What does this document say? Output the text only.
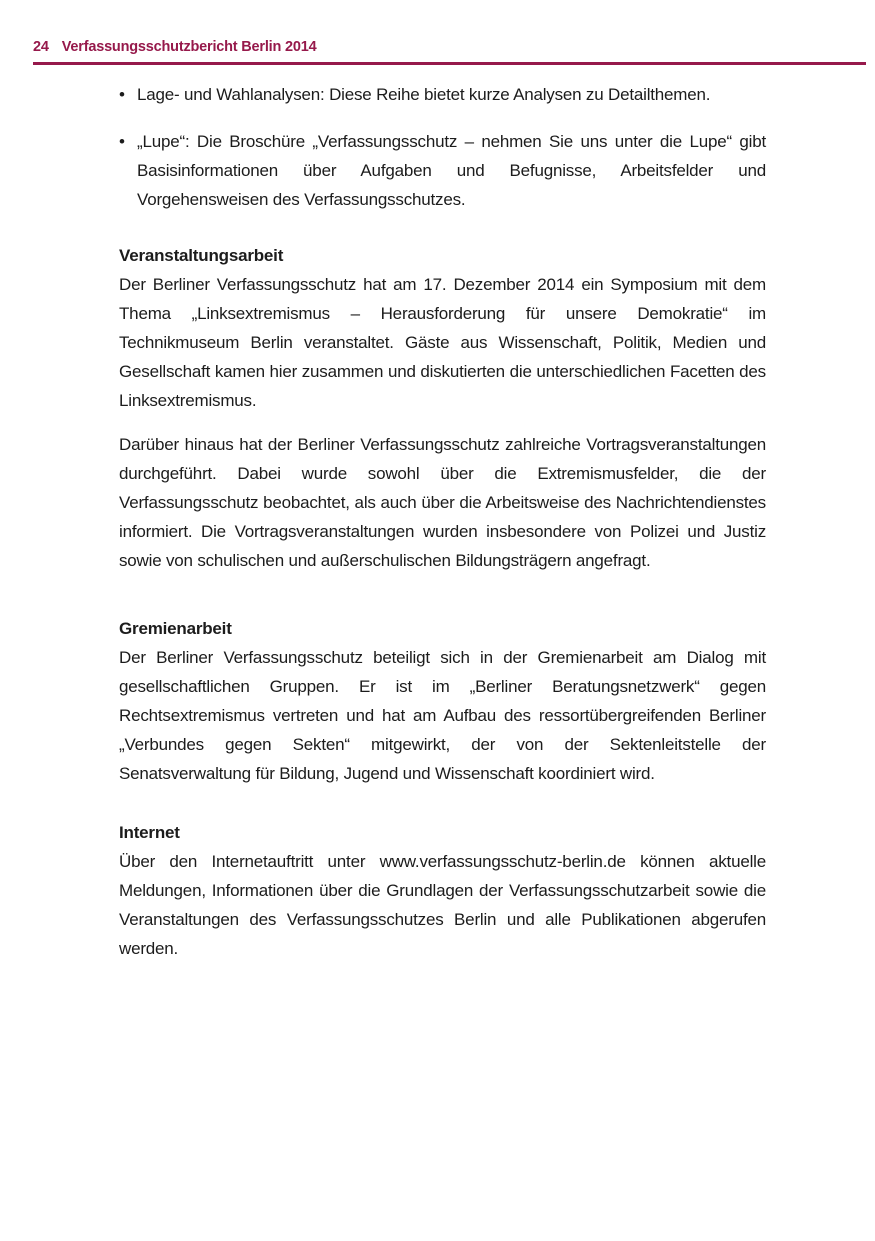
24 Verfassungsschutzbericht Berlin 2014
• Lage- und Wahlanalysen: Diese Reihe bietet kurze Analysen zu Detailthemen.
• „Lupe“: Die Broschüre „Verfassungsschutz – nehmen Sie uns unter die Lupe“ gibt Basisinformationen über Aufgaben und Befugnisse, Arbeitsfelder und Vorgehensweisen des Verfassungsschutzes.
Veranstaltungsarbeit

Der Berliner Verfassungsschutz hat am 17. Dezember 2014 ein Symposium mit dem Thema „Linksextremismus – Herausforderung für unsere Demokratie“ im Technikmuseum Berlin veranstaltet. Gäste aus Wissenschaft, Politik, Medien und Gesellschaft kamen hier zusammen und diskutierten die unterschiedlichen Facetten des Linksextremismus.

Darüber hinaus hat der Berliner Verfassungsschutz zahlreiche Vortragsveranstaltungen durchgeführt. Dabei wurde sowohl über die Extremismusfelder, die der Verfassungsschutz beobachtet, als auch über die Arbeitsweise des Nachrichtendienstes informiert. Die Vortragsveranstaltungen wurden insbesondere von Polizei und Justiz sowie von schulischen und außerschulischen Bildungsträgern angefragt.

Gremienarbeit

Der Berliner Verfassungsschutz beteiligt sich in der Gremienarbeit am Dialog mit gesellschaftlichen Gruppen. Er ist im „Berliner Beratungsnetzwerk“ gegen Rechtsextremismus vertreten und hat am Aufbau des ressortübergreifenden Berliner „Verbundes gegen Sekten“ mitgewirkt, der von der Sektenleitstelle der Senatsverwaltung für Bildung, Jugend und Wissenschaft koordiniert wird.

Internet

Über den Internetauftritt unter www.verfassungsschutz-berlin.de können aktuelle Meldungen, Informationen über die Grundlagen der Verfassungsschutzarbeit sowie die Veranstaltungen des Verfassungsschutzes Berlin und alle Publikationen abgerufen werden.
